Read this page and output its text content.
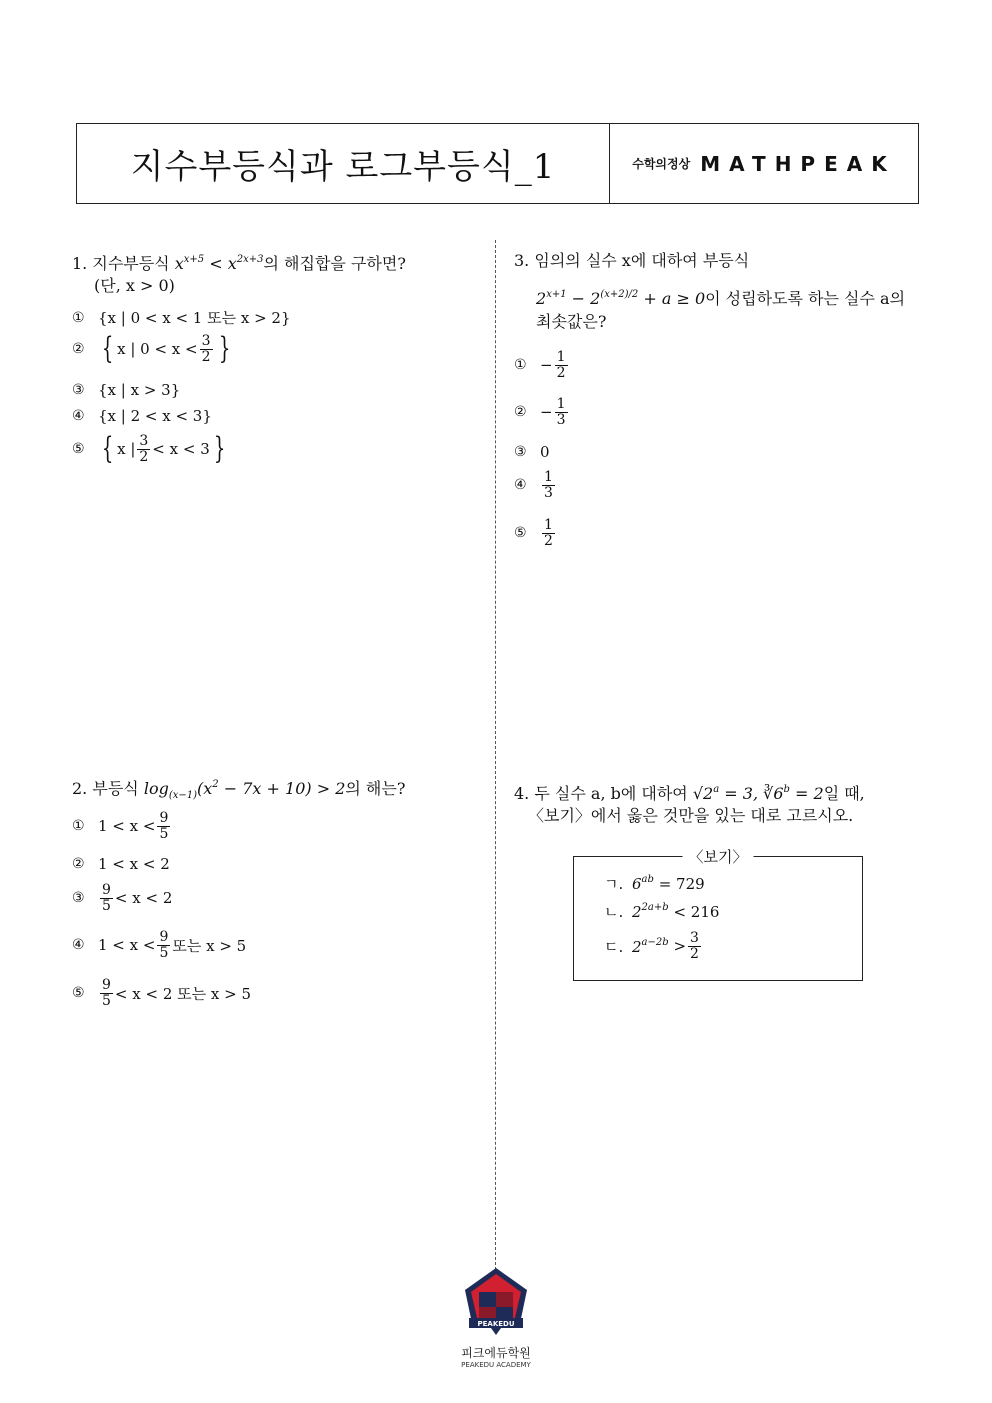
지수부등식과 로그부등식_1	수학의정상 MATHPEAK
1. 지수부등식 $x^{x+5} < x^{2x+3}$의 해집합을 구하면?
(단, x > 0)
① {x | 0 < x < 1 또는 x > 2}
② { x | $0 < x < \frac{3}{2}$ }
③ {x | x > 3}
④ {x | 2 < x < 3}
⑤ { x | $\frac{3}{2} < x < 3$ }
2. 부등식 $\log_{(x-1)}(x^2 - 7x + 10) > 2$의 해는?
① $1 < x < \frac{9}{5}$
② 1 < x < 2
③	$\frac{9}{5} < x < 2$
④ $1 < x < \frac{9}{5}$ 또는 x > 5
⑤	$\frac{9}{5} < x < 2$ 또는 x > 5
3. 임의의 실수 x에 대하여 부등식
$2^{x+1} - 2^{(x+2)/2} + a \ge 0$이 성립하도록 하는 실수 a의
최솟값은?
① − $\frac{1}{2}$
② − $\frac{1}{3}$
③ 0
④	$\frac{1}{3}$
⑤	$\frac{1}{2}$
4. 두 실수 a, b에 대하여 $√2^a = 3$, $∛6^b = 2$일 때,
〈보기〉에서 옳은 것만을 있는 대로 고르시오.
〈보기〉
ㄱ. $6^{ab}$
= 729
ㄴ. $2^{2a+b}$
< 216
ㄷ. $2^{a-2b}$
> $\frac{3}{2}$
PEAKEDU
피크에듀학원
PEAKEDU ACADEMY
